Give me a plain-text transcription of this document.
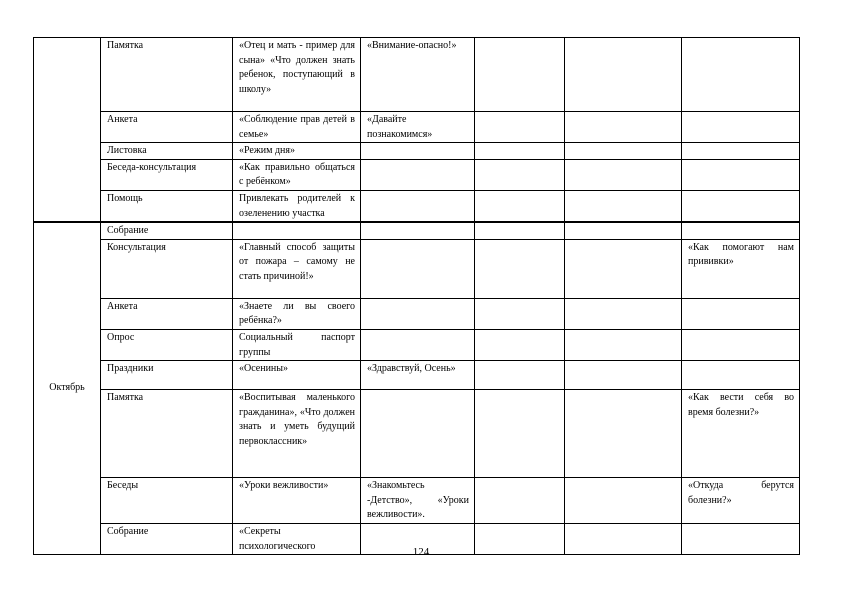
	Памятка	«Отец и мать - пример для сына» «Что должен знать ребенок, поступающий в школу»	«Внимание-опасно!»			
	Анкета	«Соблюдение прав детей в семье»	«Давайте познакомимся»			
	Листовка	«Режим дня»				
	Беседа-консультация	«Как правильно общаться с ребёнком»				
	Помощь	Привлекать родителей к озеленению участка				
Октябрь	Собрание					
	Консультация	«Главный способ защиты от пожара – самому не стать причиной!»				«Как помогают нам прививки»
	Анкета	«Знаете ли вы своего ребёнка?»				
	Опрос	Социальный паспорт группы				
	Праздники	«Осенины»	«Здравствуй, Осень»			
	Памятка	«Воспитывая маленького гражданина», «Что должен знать и уметь будущий первоклассник»				«Как вести себя во время болезни?»
	Беседы	«Уроки вежливости»	«Знакомьтесь -Детство», «Уроки вежливости».			«Откуда берутся болезни?»
	Собрание	«Секреты психологического					124
